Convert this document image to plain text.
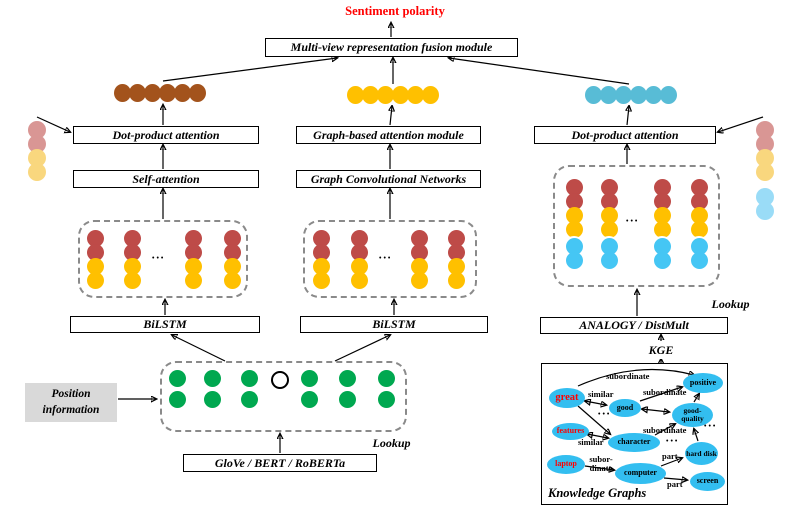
Sentiment polarity
Multi-view representation fusion module
Dot-product attention	Graph-based attention module	Dot-product attention
Self-attention	Graph Convolutional Networks
•••	•••
•••
BiLSTM	BiLSTM
Lookup
ANALOGY / DistMult
KGE
great
good
positive
good-quality
features
character
laptop
computer
hard disk
screen
subordinate
similar	subordinate
subordinate
similar
subor- dinate
part
part
•••
•••
•••
Knowledge Graphs
Lookup
GloVe / BERT / RoBERTa
Position information
